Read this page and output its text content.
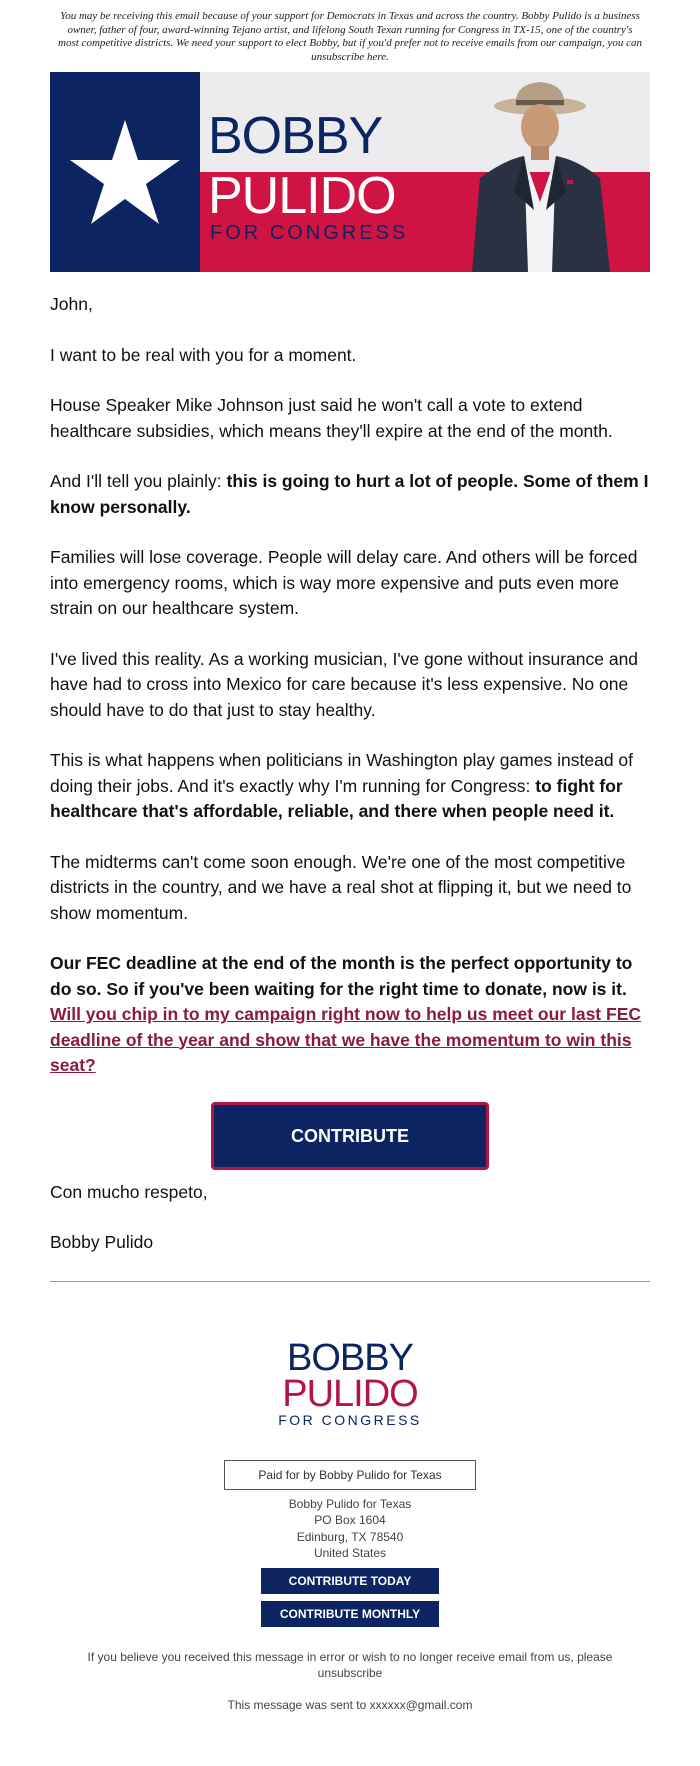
You may be receiving this email because of your support for Democrats in Texas and across the country. Bobby Pulido is a business owner, father of four, award-winning Tejano artist, and lifelong South Texan running for Congress in TX-15, one of the country's most competitive districts. We need your support to elect Bobby, but if you'd prefer not to receive emails from our campaign, you can unsubscribe here.
BOBBY
PULIDO
FOR CONGRESS

John,

I want to be real with you for a moment.

House Speaker Mike Johnson just said he won't call a vote to extend healthcare subsidies, which means they'll expire at the end of the month.

And I'll tell you plainly: this is going to hurt a lot of people. Some of them I know personally.

Families will lose coverage. People will delay care. And others will be forced into emergency rooms, which is way more expensive and puts even more strain on our healthcare system.

I've lived this reality. As a working musician, I've gone without insurance and have had to cross into Mexico for care because it's less expensive. No one should have to do that just to stay healthy.

This is what happens when politicians in Washington play games instead of doing their jobs. And it's exactly why I'm running for Congress: to fight for healthcare that's affordable, reliable, and there when people need it.

The midterms can't come soon enough. We're one of the most competitive districts in the country, and we have a real shot at flipping it, but we need to show momentum.

Our FEC deadline at the end of the month is the perfect opportunity to do so. So if you've been waiting for the right time to donate, now is it. Will you chip in to my campaign right now to help us meet our last FEC deadline of the year and show that we have the momentum to win this seat?

CONTRIBUTE

Con mucho respeto,

Bobby Pulido

BOBBY
PULIDO
FOR CONGRESS
Paid for by Bobby Pulido for Texas
Bobby Pulido for Texas
PO Box 1604
Edinburg, TX 78540
United States
CONTRIBUTE TODAY
CONTRIBUTE MONTHLY
If you believe you received this message in error or wish to no longer receive email from us, please unsubscribe
This message was sent to xxxxxx@gmail.com
